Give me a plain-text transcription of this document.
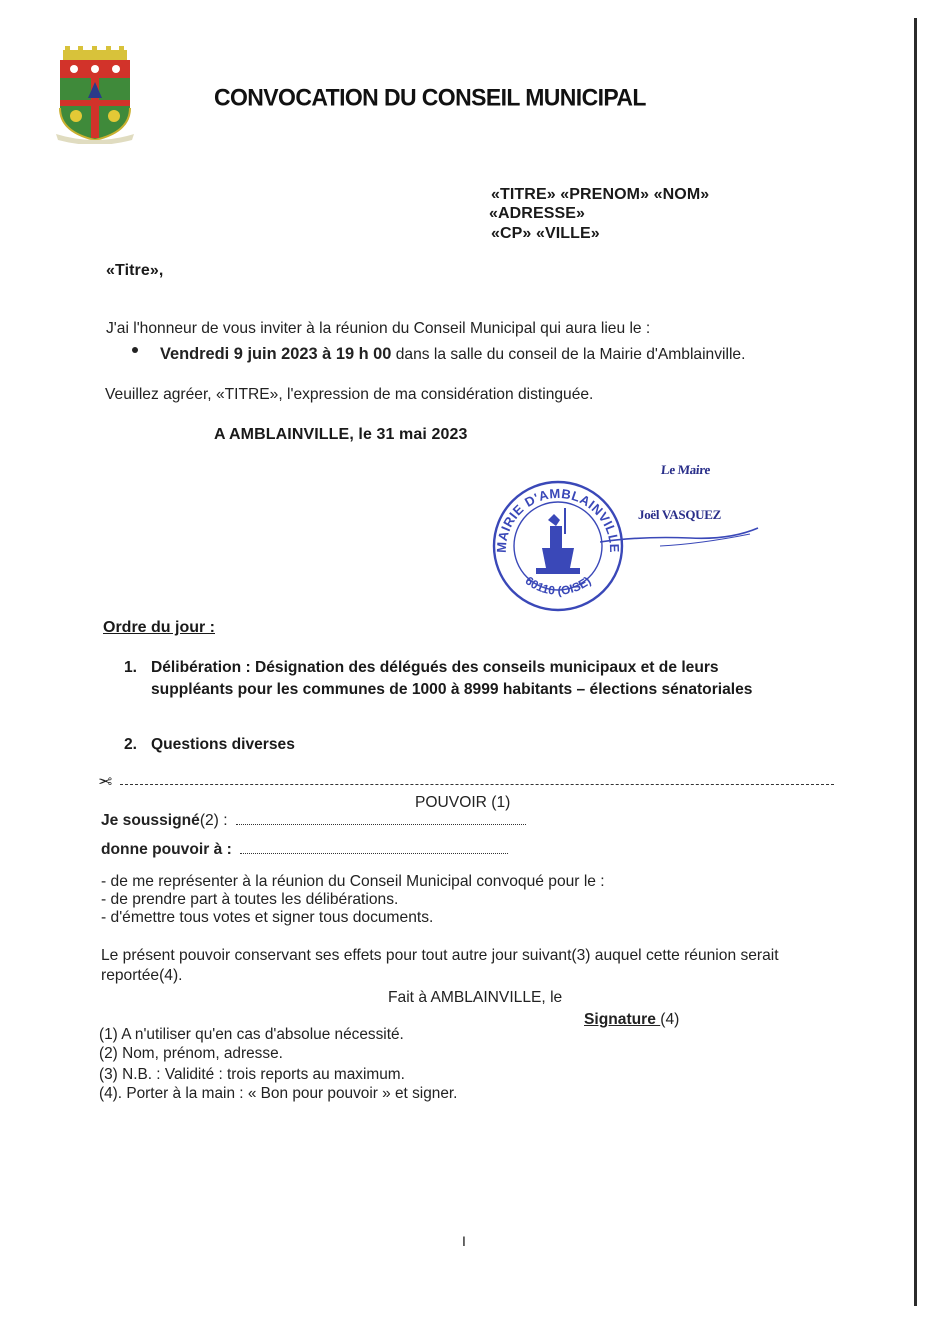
CONVOCATION DU CONSEIL MUNICIPAL
«TITRE» «PRENOM» «NOM»
«ADRESSE»
«CP» «VILLE»
«Titre»,
J'ai l'honneur de vous inviter à la réunion du Conseil Municipal qui aura lieu le :
Vendredi 9 juin 2023 à 19 h 00 dans la salle du conseil de la Mairie d'Amblainville.
Veuillez agréer, «TITRE», l'expression de ma considération distinguée.
A AMBLAINVILLE, le 31 mai 2023
Le Maire
Joël VASQUEZ
MAIRIE D'AMBLAINVILLE
60110 (OISE)
Ordre du jour :
1. Délibération : Désignation des délégués des conseils municipaux et de leurs
suppléants pour les communes de 1000 à 8999 habitants – élections sénatoriales
2. Questions diverses
✂
POUVOIR (1)
Je soussigné(2) :
donne pouvoir à :
- de me représenter à la réunion du Conseil Municipal convoqué pour le :
- de prendre part à toutes les délibérations.
- d'émettre tous votes et signer tous documents.
Le présent pouvoir conservant ses effets pour tout autre jour suivant(3) auquel cette réunion serait
reportée(4).
Fait à AMBLAINVILLE, le
Signature (4)
(1) A n'utiliser qu'en cas d'absolue nécessité.
(2) Nom, prénom, adresse.
(3) N.B. : Validité : trois reports au maximum.
(4). Porter à la main : « Bon pour pouvoir » et signer.
I
